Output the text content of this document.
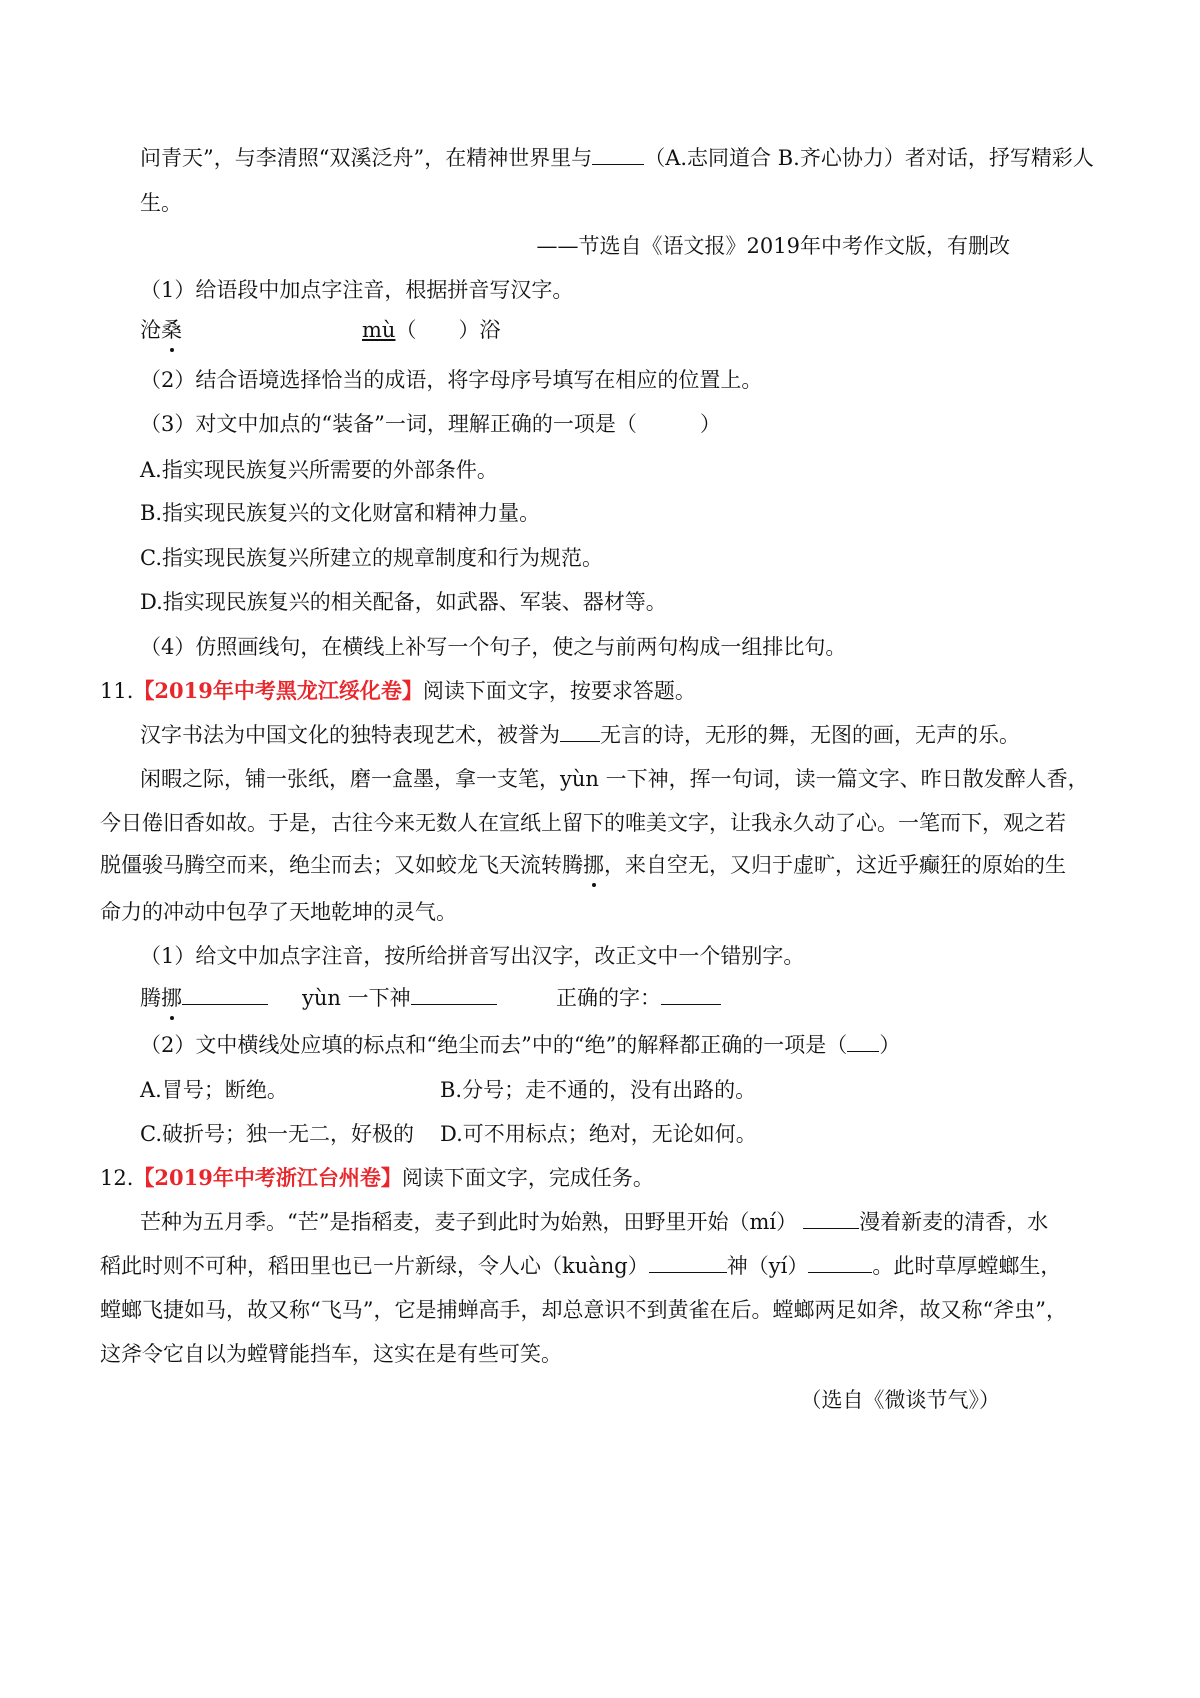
问青天”，与李清照“双溪泛舟”，在精神世界里与 （A.志同道合 B.齐心协力）者对话，抒写精彩人
生。
——节选自《语文报》2019年中考作文版，有删改
（1）给语段中加点字注音，根据拼音写汉字。
沧桑	mù（　　）浴
（2）结合语境选择恰当的成语，将字母序号填写在相应的位置上。
（3）对文中加点的“装备”一词，理解正确的一项是（　　　）
A.指实现民族复兴所需要的外部条件。
B.指实现民族复兴的文化财富和精神力量。
C.指实现民族复兴所建立的规章制度和行为规范。
D.指实现民族复兴的相关配备，如武器、军装、器材等。
（4）仿照画线句，在横线上补写一个句子，使之与前两句构成一组排比句。
11.【2019年中考黑龙江绥化卷】阅读下面文字，按要求答题。
汉字书法为中国文化的独特表现艺术，被誉为 无言的诗，无形的舞，无图的画，无声的乐。
闲暇之际，铺一张纸，磨一盒墨，拿一支笔，yùn 一下神，挥一句词，读一篇文字、昨日散发醉人香，
今日倦旧香如故。于是，古往今来无数人在宣纸上留下的唯美文字，让我永久动了心。一笔而下，观之若
脱僵骏马腾空而来，绝尘而去；又如蛟龙飞天流转腾挪，来自空无，又归于虚旷，这近乎癫狂的原始的生
命力的冲动中包孕了天地乾坤的灵气。
（1）给文中加点字注音，按所给拼音写出汉字，改正文中一个错别字。
腾挪	yùn 一下神	正确的字：
（2）文中横线处应填的标点和“绝尘而去”中的“绝”的解释都正确的一项是（ ）
A.冒号；断绝。	B.分号；走不通的，没有出路的。
C.破折号；独一无二，好极的 D.可不用标点；绝对，无论如何。
12.【2019年中考浙江台州卷】阅读下面文字，完成任务。
芒种为五月季。“芒”是指稻麦，麦子到此时为始熟，田野里开始（mí）	漫着新麦的清香，水
稻此时则不可种，稻田里也已一片新绿，令人心（kuàng）	神（yí）	。此时草厚螳螂生，
螳螂飞捷如马，故又称“飞马”，它是捕蝉高手，却总意识不到黄雀在后。螳螂两足如斧，故又称“斧虫”，
这斧令它自以为螳臂能挡车，这实在是有些可笑。
（选自《微谈节气》）
